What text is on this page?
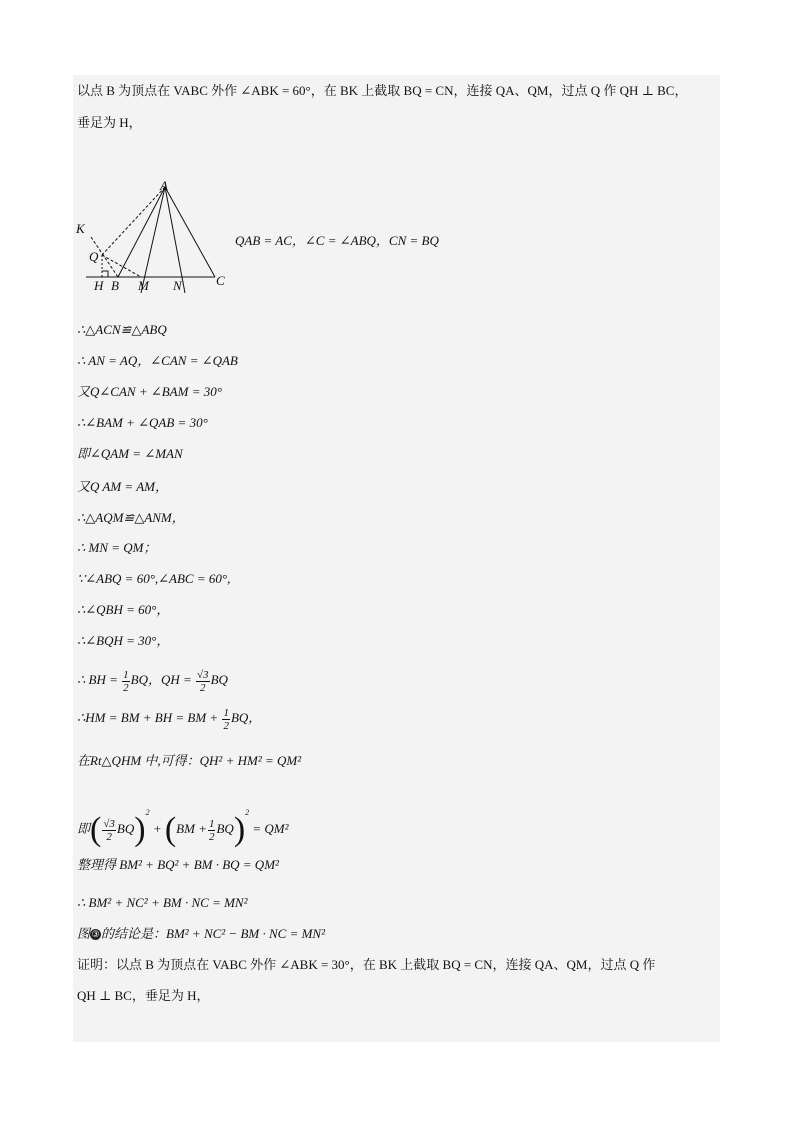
以点 B 为顶点在 VABC 外作 ∠ABK = 60°，在 BK 上截取 BQ = CN，连接 QA、QM，过点 Q 作 QH ⊥ BC，
垂足为 H，
A
K
Q
H B M N	C
QAB = AC，∠C = ∠ABQ，CN = BQ
∴△ACN≌△ABQ
∴ AN = AQ，∠CAN = ∠QAB
又Q∠CAN + ∠BAM = 30°
∴∠BAM + ∠QAB = 30°
即∠QAM = ∠MAN
又Q AM = AM，
∴△AQM≌△ANM，
∴ MN = QM；
∵∠ABQ = 60°,∠ABC = 60°,
∴∠QBH = 60°，
∴∠BQH = 30°，
∴ BH = $\frac{1}{2}$ BQ，QH = $\frac{√3}{2}$ BQ
∴HM = BM + BH = BM + $\frac{1}{2}$ BQ，
在Rt△QHM 中,可得：QH² + HM² = QM²
即( $\frac{√3}{2} BQ)^2 + (BM + \frac{1}{2} BQ)^2 = QM^2$
整理得 BM² + BQ² + BM · BQ = QM²
∴ BM² + NC² + BM · NC = MN²
图③的结论是：BM² + NC² − BM · NC = MN²
证明：以点 B 为顶点在 VABC 外作 ∠ABK = 30°，在 BK 上截取 BQ = CN，连接 QA、QM，过点 Q 作
QH ⊥ BC，垂足为 H，
